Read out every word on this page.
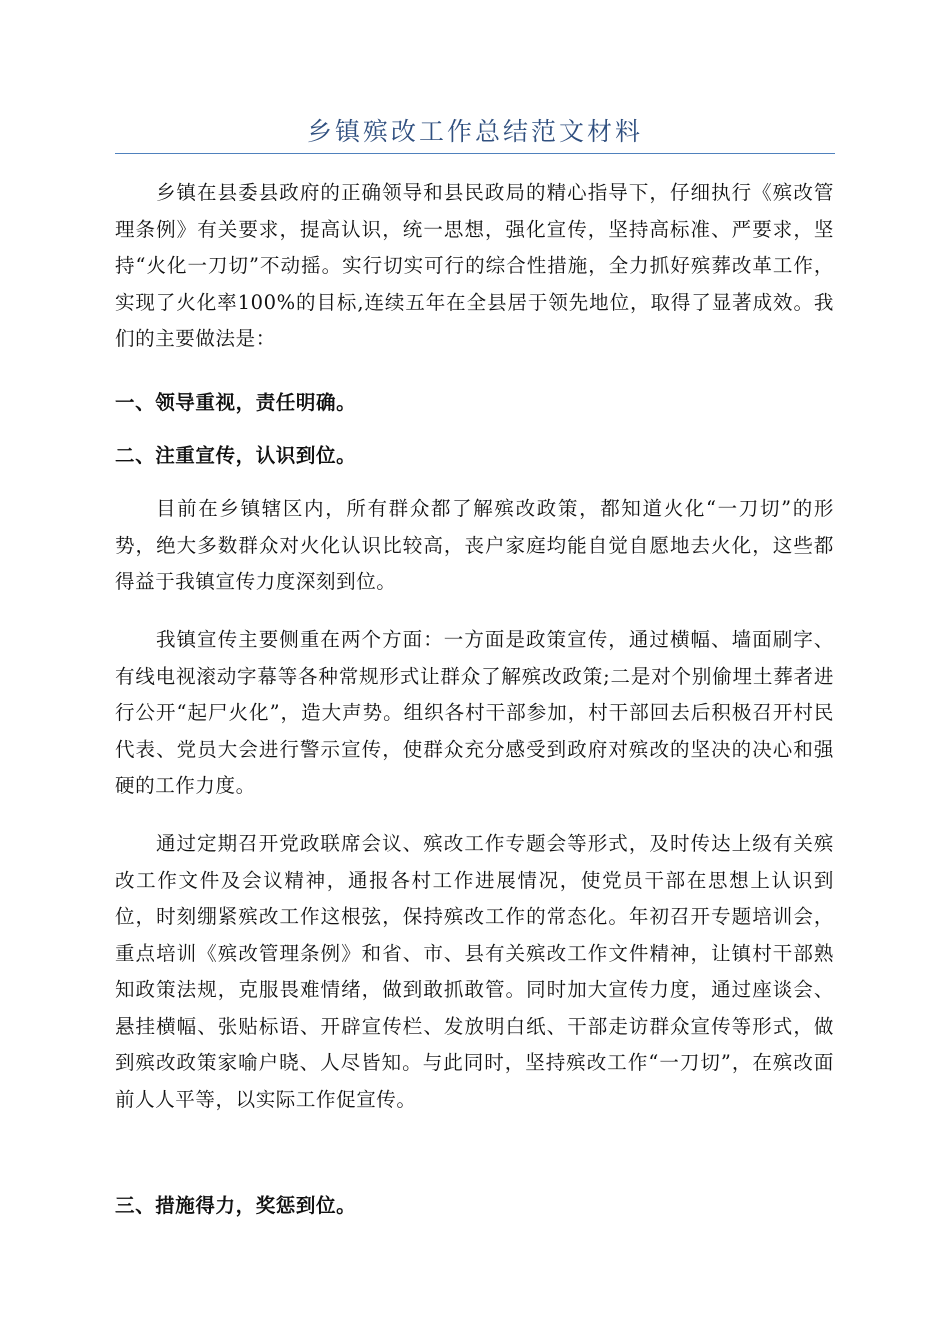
乡镇殡改工作总结范文材料

乡镇在县委县政府的正确领导和县民政局的精心指导下，仔细执行《殡改管理条例》有关要求，提高认识，统一思想，强化宣传，坚持高标准、严要求，坚持“火化一刀切”不动摇。实行切实可行的综合性措施，全力抓好殡葬改革工作，实现了火化率100%的目标,连续五年在全县居于领先地位，取得了显著成效。我们的主要做法是：

一、领导重视，责任明确。

二、注重宣传，认识到位。

目前在乡镇辖区内，所有群众都了解殡改政策，都知道火化“一刀切”的形势，绝大多数群众对火化认识比较高，丧户家庭均能自觉自愿地去火化，这些都得益于我镇宣传力度深刻到位。

我镇宣传主要侧重在两个方面：一方面是政策宣传，通过横幅、墙面刷字、有线电视滚动字幕等各种常规形式让群众了解殡改政策;二是对个别偷埋土葬者进行公开“起尸火化”，造大声势。组织各村干部参加，村干部回去后积极召开村民代表、党员大会进行警示宣传，使群众充分感受到政府对殡改的坚决的决心和强硬的工作力度。

通过定期召开党政联席会议、殡改工作专题会等形式，及时传达上级有关殡改工作文件及会议精神，通报各村工作进展情况，使党员干部在思想上认识到位，时刻绷紧殡改工作这根弦，保持殡改工作的常态化。年初召开专题培训会，重点培训《殡改管理条例》和省、市、县有关殡改工作文件精神，让镇村干部熟知政策法规，克服畏难情绪，做到敢抓敢管。同时加大宣传力度，通过座谈会、悬挂横幅、张贴标语、开辟宣传栏、发放明白纸、干部走访群众宣传等形式，做到殡改政策家喻户晓、人尽皆知。与此同时，坚持殡改工作“一刀切”，在殡改面前人人平等，以实际工作促宣传。

三、措施得力，奖惩到位。
